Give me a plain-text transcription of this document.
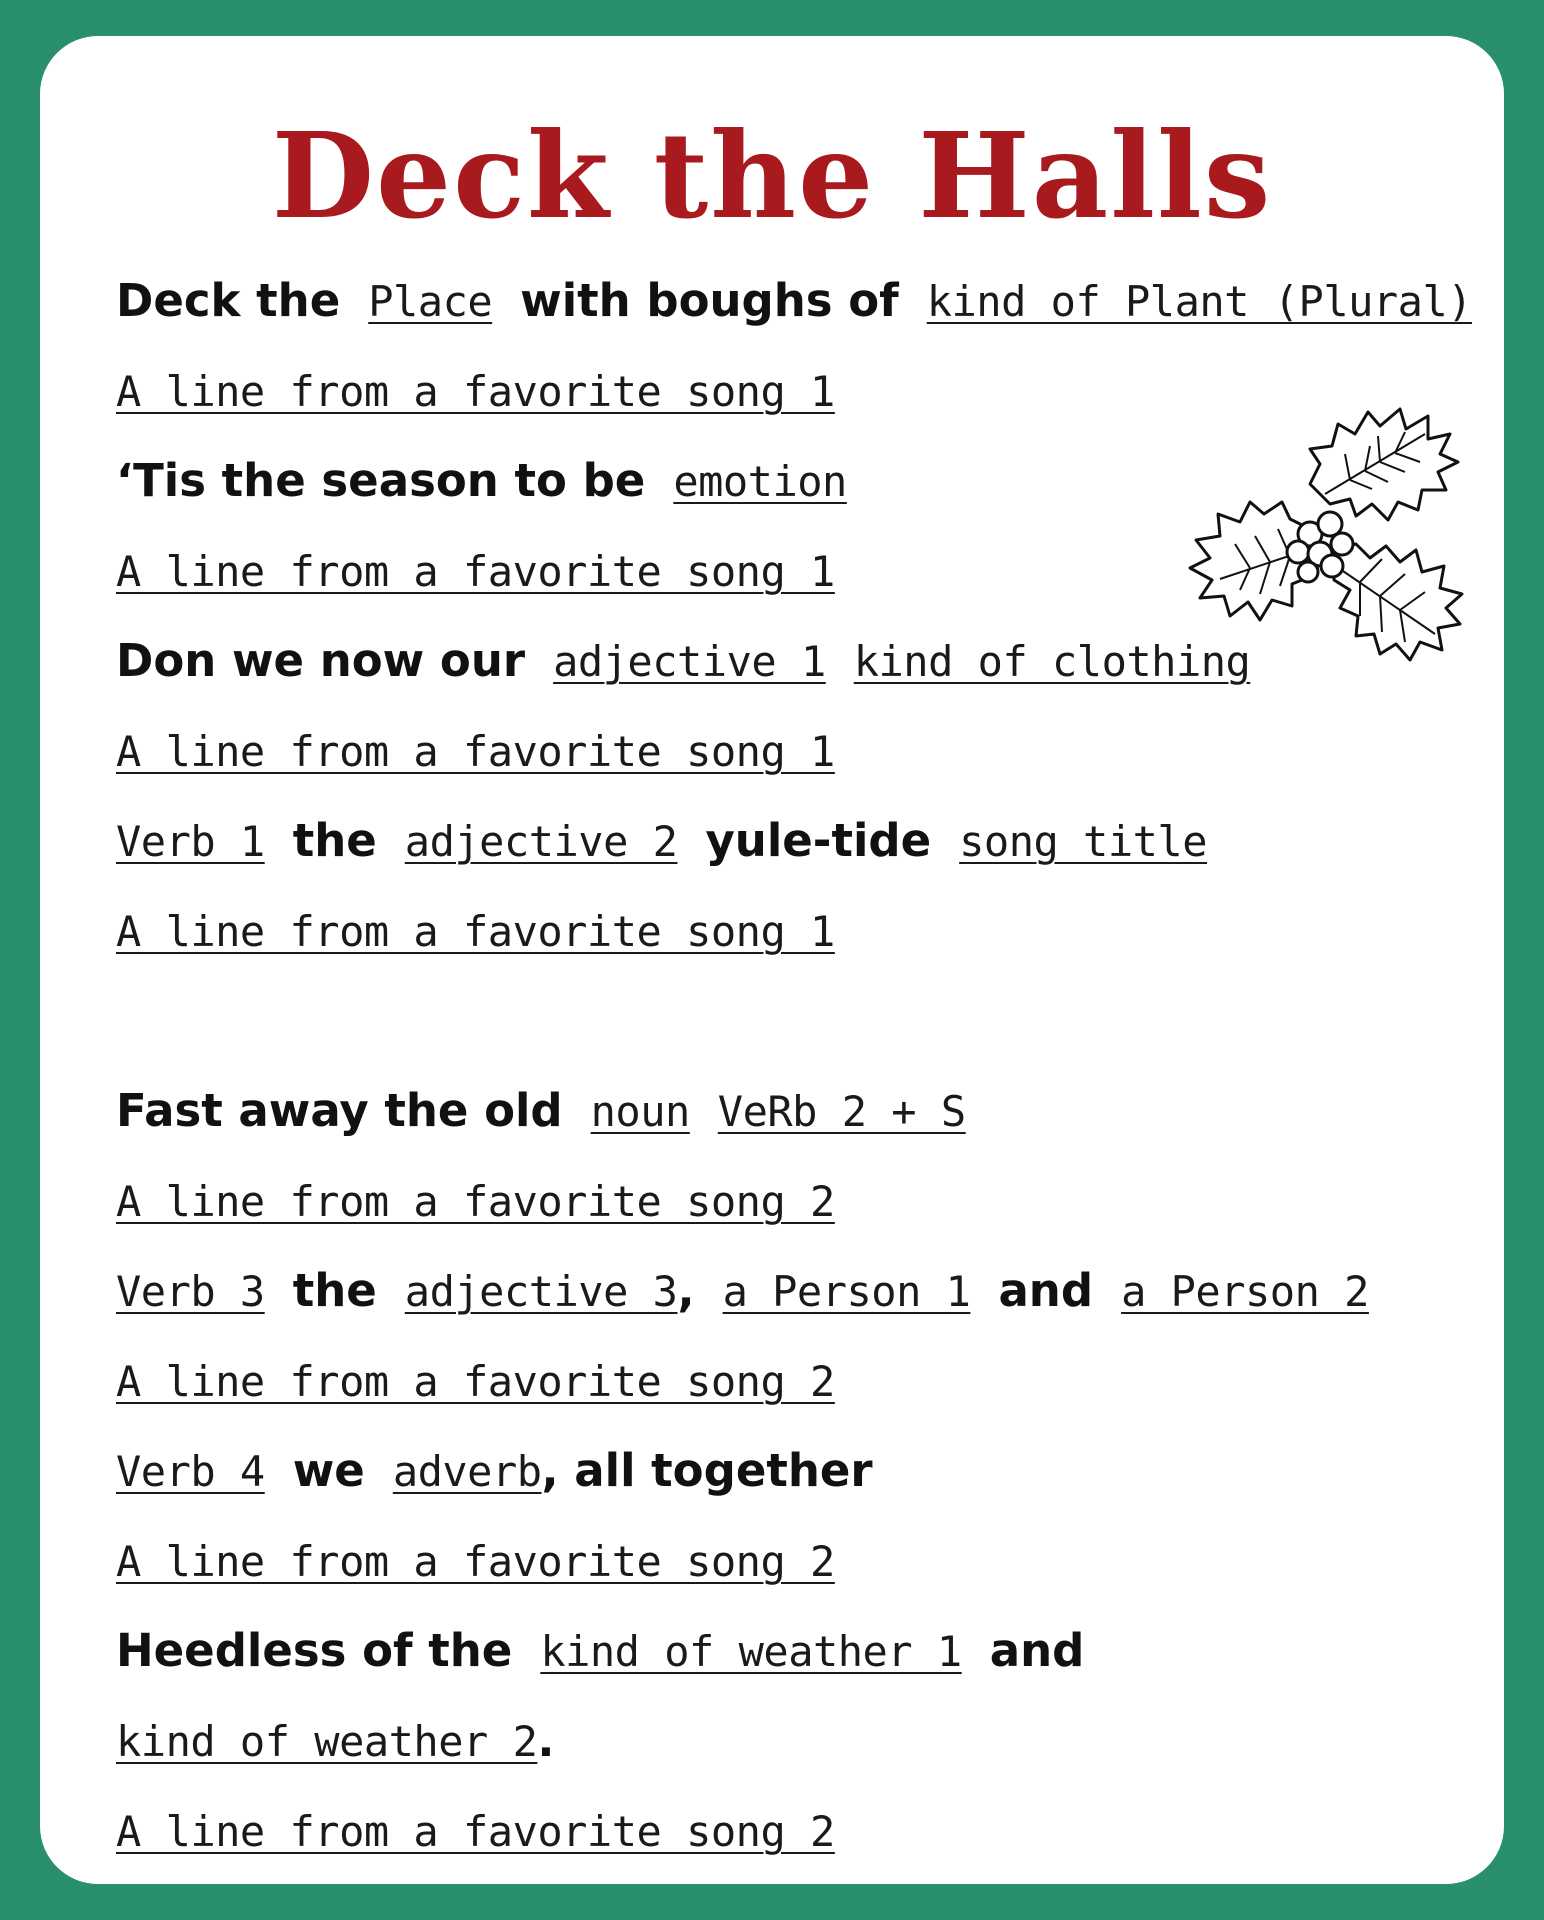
Deck the Halls
Deck the Place with boughs of kind of Plant (Plural)
A line from a favorite song 1
‘Tis the season to be emotion
A line from a favorite song 1
Don we now our adjective 1 kind of clothing
A line from a favorite song 1
Verb 1 the adjective 2 yule-tide song title
A line from a favorite song 1
Fast away the old noun VeRb 2 + S
A line from a favorite song 2
Verb 3 the adjective 3, a Person 1 and a Person 2
A line from a favorite song 2
Verb 4 we adverb, all together
A line from a favorite song 2
Heedless of the kind of weather 1 and
kind of weather 2.
A line from a favorite song 2
